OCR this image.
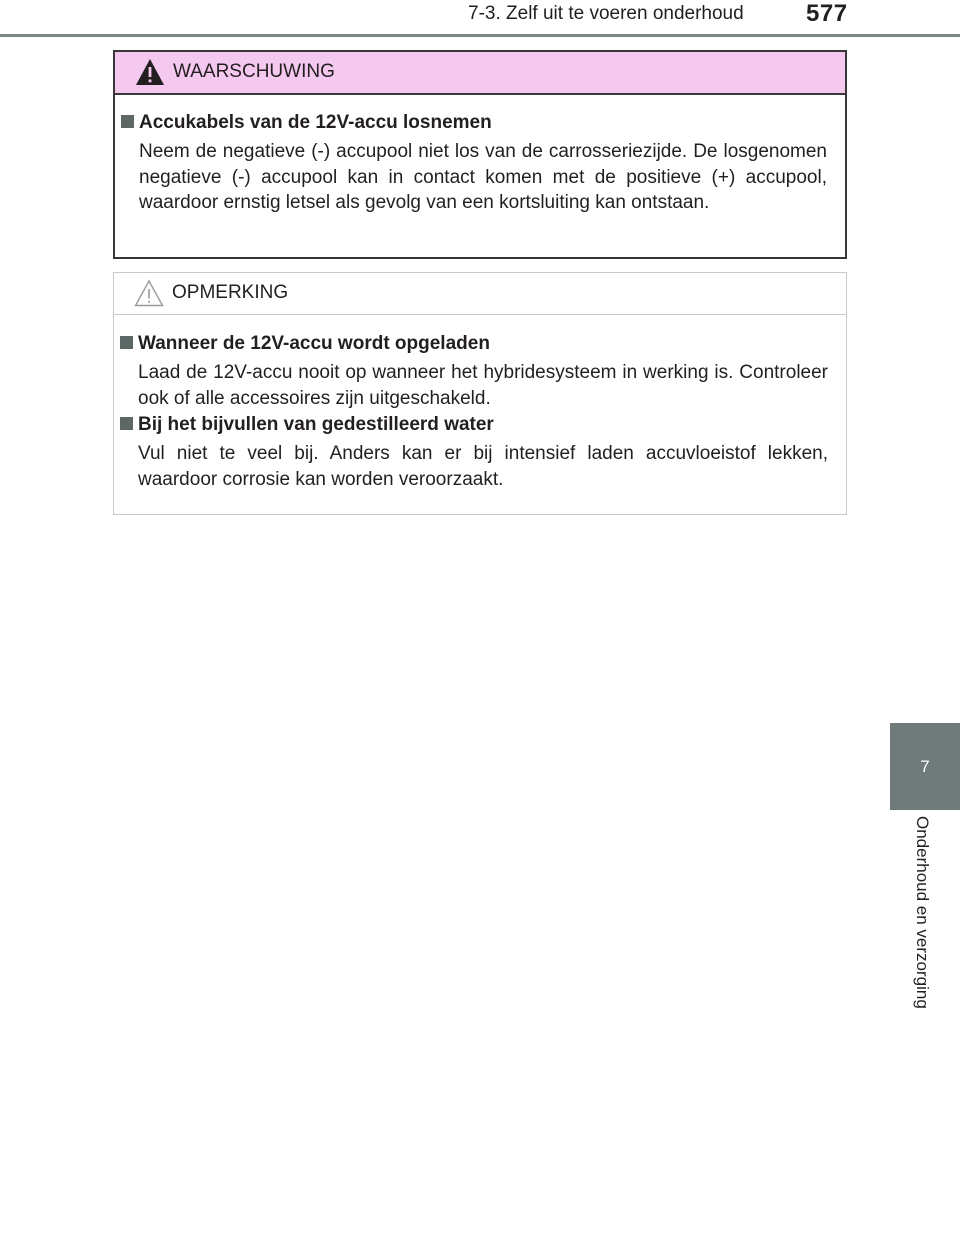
7-3. Zelf uit te voeren onderhoud	577
7
Onderhoud en verzorging
WAARSCHUWING
Accukabels van de 12V-accu losnemen
Neem de negatieve (-) accupool niet los van de carrosseriezijde. De losgenomen negatieve (-) accupool kan in contact komen met de positieve (+) accupool, waardoor ernstig letsel als gevolg van een kortsluiting kan ontstaan.
OPMERKING
Wanneer de 12V-accu wordt opgeladen
Laad de 12V-accu nooit op wanneer het hybridesysteem in werking is. Controleer ook of alle accessoires zijn uitgeschakeld.
Bij het bijvullen van gedestilleerd water
Vul niet te veel bij. Anders kan er bij intensief laden accuvloeistof lekken, waardoor corrosie kan worden veroorzaakt.
